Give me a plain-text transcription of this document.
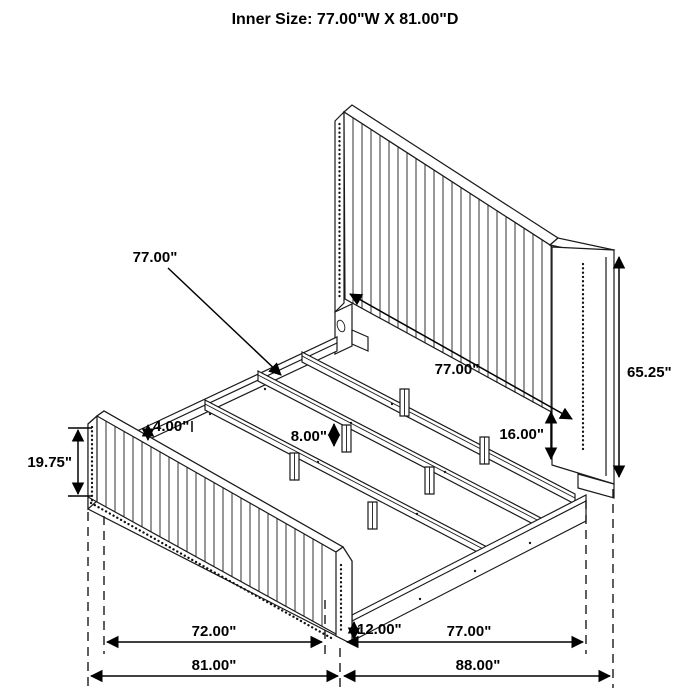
77.00"
77.00"	65.25"
16.00"
8.00"
4.00"
19.75"
12.00"
72.00"	77.00"
81.00"	88.00"
Inner Size: 77.00"W X 81.00"D
